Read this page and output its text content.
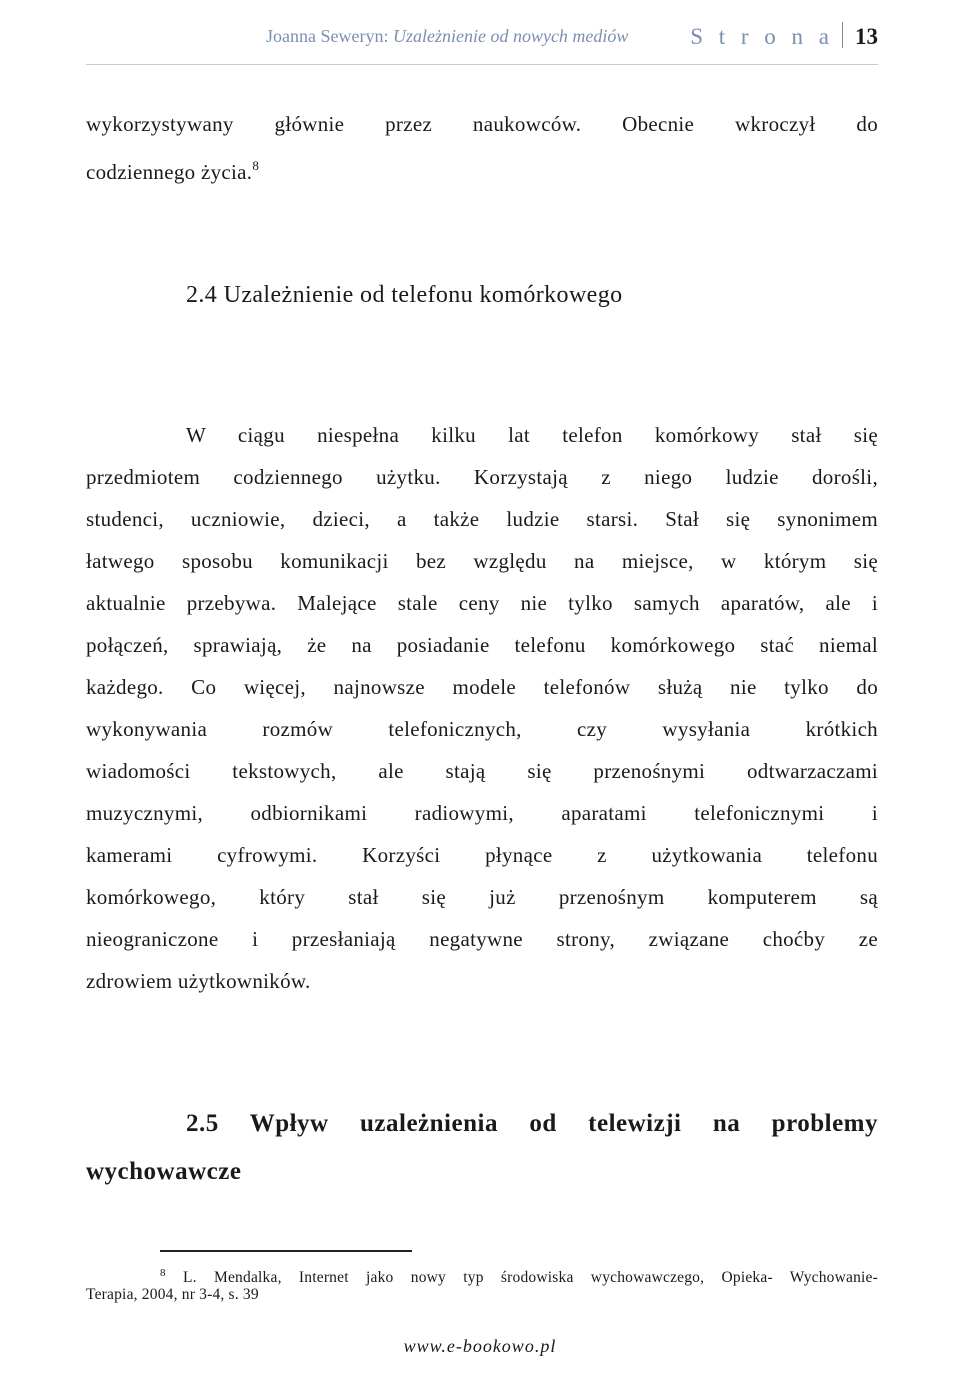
Joanna Seweryn: Uzależnienie od nowych mediów	S t r o n a 13
wykorzystywany głównie przez naukowców. Obecnie wkroczył do
codziennego życia.$^8$
2.4 Uzależnienie od telefonu komórkowego
W ciągu niespełna kilku lat telefon komórkowy stał się
przedmiotem codziennego użytku. Korzystają z niego ludzie dorośli,
studenci, uczniowie, dzieci, a także ludzie starsi. Stał się synonimem
łatwego sposobu komunikacji bez względu na miejsce, w którym się
aktualnie przebywa. Malejące stale ceny nie tylko samych aparatów, ale i
połączeń, sprawiają, że na posiadanie telefonu komórkowego stać niemal
każdego. Co więcej, najnowsze modele telefonów służą nie tylko do
wykonywania rozmów telefonicznych, czy wysyłania krótkich
wiadomości tekstowych, ale stają się przenośnymi odtwarzaczami
muzycznymi, odbiornikami radiowymi, aparatami telefonicznymi i
kamerami cyfrowymi. Korzyści płynące z użytkowania telefonu
komórkowego, który stał się już przenośnym komputerem są
nieograniczone i przesłaniają negatywne strony, związane choćby ze
zdrowiem użytkowników.
2.5 Wpływ uzależnienia od telewizji na problemy
wychowawcze
$^8$ L. Mendalka, Internet jako nowy typ środowiska wychowawczego, Opieka- Wychowanie-
Terapia, 2004, nr 3-4, s. 39
www.e-bookowo.pl
